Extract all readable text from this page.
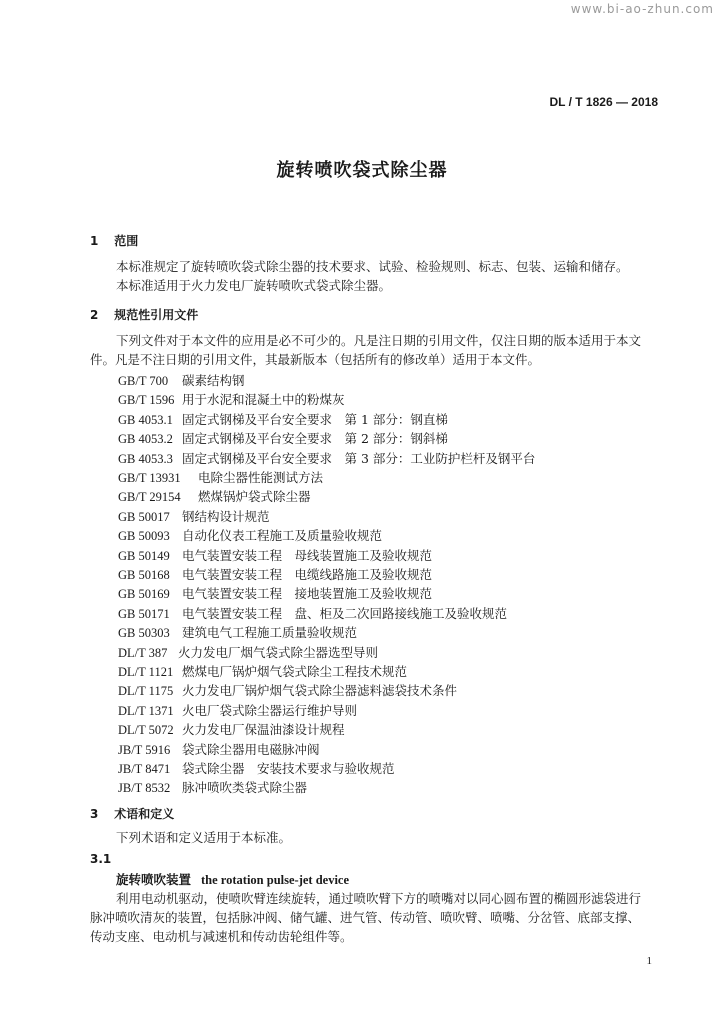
www.bi-ao-zhun.com
DL / T 1826 — 2018
旋转喷吹袋式除尘器
1 范围
本标准规定了旋转喷吹袋式除尘器的技术要求、试验、检验规则、标志、包装、运输和储存。
本标准适用于火力发电厂旋转喷吹式袋式除尘器。
2 规范性引用文件
下列文件对于本文件的应用是必不可少的。凡是注日期的引用文件，仅注日期的版本适用于本文
件。凡是不注日期的引用文件，其最新版本（包括所有的修改单）适用于本文件。
GB/T 700 碳素结构钢
GB/T 1596 用于水泥和混凝土中的粉煤灰
GB 4053.1 固定式钢梯及平台安全要求　第 1 部分：钢直梯
GB 4053.2 固定式钢梯及平台安全要求　第 2 部分：钢斜梯
GB 4053.3 固定式钢梯及平台安全要求　第 3 部分：工业防护栏杆及钢平台
GB/T 13931 电除尘器性能测试方法
GB/T 29154 燃煤锅炉袋式除尘器
GB 50017 钢结构设计规范
GB 50093 自动化仪表工程施工及质量验收规范
GB 50149 电气装置安装工程　母线装置施工及验收规范
GB 50168 电气装置安装工程　电缆线路施工及验收规范
GB 50169 电气装置安装工程　接地装置施工及验收规范
GB 50171 电气装置安装工程　盘、柜及二次回路接线施工及验收规范
GB 50303 建筑电气工程施工质量验收规范
DL/T 387 火力发电厂烟气袋式除尘器选型导则
DL/T 1121 燃煤电厂锅炉烟气袋式除尘工程技术规范
DL/T 1175 火力发电厂锅炉烟气袋式除尘器滤料滤袋技术条件
DL/T 1371 火电厂袋式除尘器运行维护导则
DL/T 5072 火力发电厂保温油漆设计规程
JB/T 5916 袋式除尘器用电磁脉冲阀
JB/T 8471 袋式除尘器　安装技术要求与验收规范
JB/T 8532 脉冲喷吹类袋式除尘器
3 术语和定义
下列术语和定义适用于本标准。
3.1
旋转喷吹装置 the rotation pulse-jet device
利用电动机驱动，使喷吹臂连续旋转，通过喷吹臂下方的喷嘴对以同心圆布置的椭圆形滤袋进行
脉冲喷吹清灰的装置，包括脉冲阀、储气罐、进气管、传动管、喷吹臂、喷嘴、分岔管、底部支撑、
传动支座、电动机与减速机和传动齿轮组件等。
1
